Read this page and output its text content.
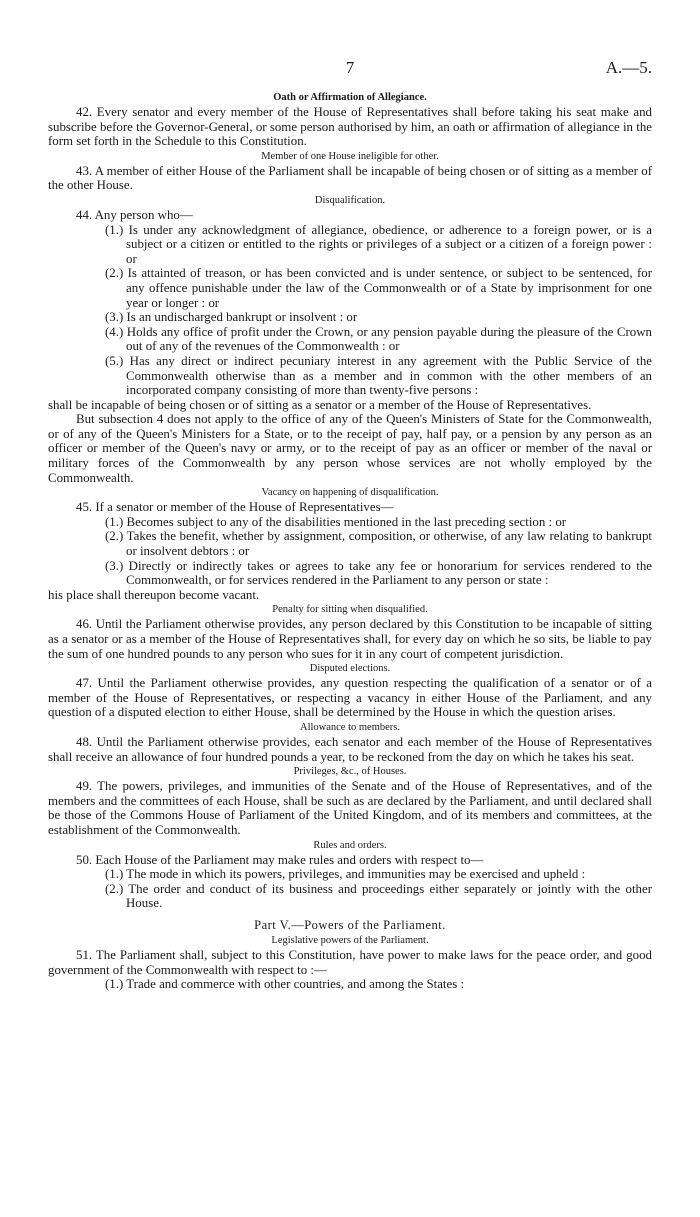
7	A.—5.
Oath or Affirmation of Allegiance.
42. Every senator and every member of the House of Representatives shall before taking his seat make and subscribe before the Governor-General, or some person authorised by him, an oath or affirmation of allegiance in the form set forth in the Schedule to this Constitution.
Member of one House ineligible for other.
43. A member of either House of the Parliament shall be incapable of being chosen or of sitting as a member of the other House.
Disqualification.
44. Any person who—
(1.) Is under any acknowledgment of allegiance, obedience, or adherence to a foreign power, or is a subject or a citizen or entitled to the rights or privileges of a subject or a citizen of a foreign power : or
(2.) Is attainted of treason, or has been convicted and is under sentence, or subject to be sentenced, for any offence punishable under the law of the Commonwealth or of a State by imprisonment for one year or longer : or
(3.) Is an undischarged bankrupt or insolvent : or
(4.) Holds any office of profit under the Crown, or any pension payable during the pleasure of the Crown out of any of the revenues of the Commonwealth : or
(5.) Has any direct or indirect pecuniary interest in any agreement with the Public Service of the Commonwealth otherwise than as a member and in common with the other members of an incorporated company consisting of more than twenty-five persons :
shall be incapable of being chosen or of sitting as a senator or a member of the House of Representatives.
But subsection 4 does not apply to the office of any of the Queen's Ministers of State for the Commonwealth, or of any of the Queen's Ministers for a State, or to the receipt of pay, half pay, or a pension by any person as an officer or member of the Queen's navy or army, or to the receipt of pay as an officer or member of the naval or military forces of the Commonwealth by any person whose services are not wholly employed by the Commonwealth.
Vacancy on happening of disqualification.
45. If a senator or member of the House of Representatives—
(1.) Becomes subject to any of the disabilities mentioned in the last preceding section : or
(2.) Takes the benefit, whether by assignment, composition, or otherwise, of any law relating to bankrupt or insolvent debtors : or
(3.) Directly or indirectly takes or agrees to take any fee or honorarium for services rendered to the Commonwealth, or for services rendered in the Parliament to any person or state :
his place shall thereupon become vacant.
Penalty for sitting when disqualified.
46. Until the Parliament otherwise provides, any person declared by this Constitution to be incapable of sitting as a senator or as a member of the House of Representatives shall, for every day on which he so sits, be liable to pay the sum of one hundred pounds to any person who sues for it in any court of competent jurisdiction.
Disputed elections.
47. Until the Parliament otherwise provides, any question respecting the qualification of a senator or of a member of the House of Representatives, or respecting a vacancy in either House of the Parliament, and any question of a disputed election to either House, shall be determined by the House in which the question arises.
Allowance to members.
48. Until the Parliament otherwise provides, each senator and each member of the House of Representatives shall receive an allowance of four hundred pounds a year, to be reckoned from the day on which he takes his seat.
Privileges, &c., of Houses.
49. The powers, privileges, and immunities of the Senate and of the House of Representatives, and of the members and the committees of each House, shall be such as are declared by the Parliament, and until declared shall be those of the Commons House of Parliament of the United Kingdom, and of its members and committees, at the establishment of the Commonwealth.
Rules and orders.
50. Each House of the Parliament may make rules and orders with respect to—
(1.) The mode in which its powers, privileges, and immunities may be exercised and upheld :
(2.) The order and conduct of its business and proceedings either separately or jointly with the other House.
Part V.—Powers of the Parliament.
Legislative powers of the Parliament.
51. The Parliament shall, subject to this Constitution, have power to make laws for the peace order, and good government of the Commonwealth with respect to :—
(1.) Trade and commerce with other countries, and among the States :
